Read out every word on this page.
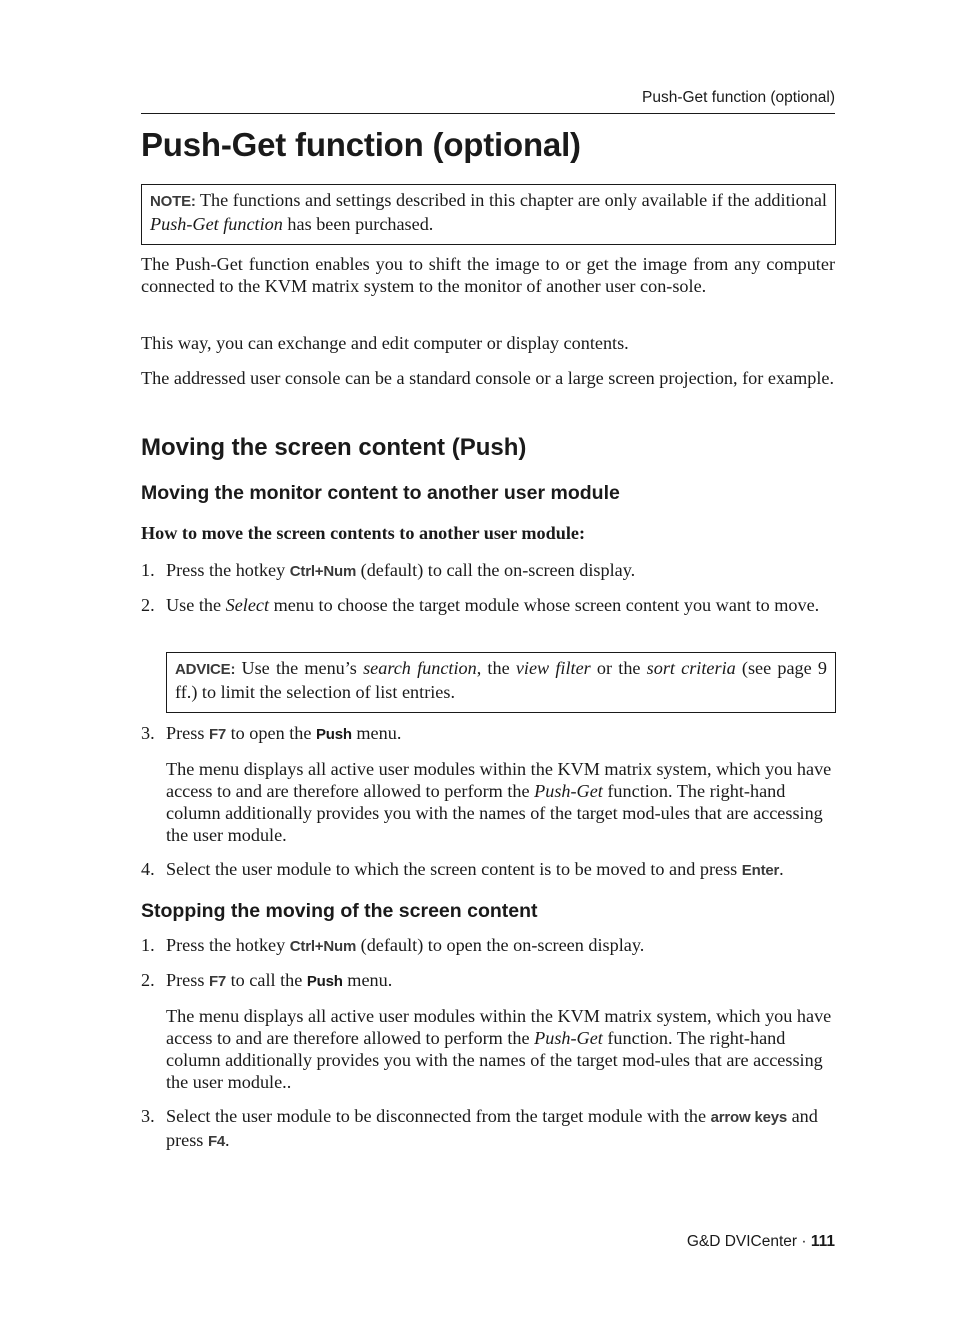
Push-Get function (optional)
Push-Get function (optional)
NOTE: The functions and settings described in this chapter are only available if the additional Push-Get function has been purchased.

The Push-Get function enables you to shift the image to or get the image from any computer connected to the KVM matrix system to the monitor of another user con-sole.

This way, you can exchange and edit computer or display contents.

The addressed user console can be a standard console or a large screen projection, for example.

Moving the screen content (Push)
Moving the monitor content to another user module

How to move the screen contents to another user module:

1. Press the hotkey Ctrl+Num (default) to call the on-screen display.
2. Use the Select menu to choose the target module whose screen content you want to move.
ADVICE: Use the menu’s search function, the view filter or the sort criteria (see page 9 ff.) to limit the selection of list entries.
3. Press F7 to open the Push menu.

The menu displays all active user modules within the KVM matrix system, which you have access to and are therefore allowed to perform the Push-Get function. The right-hand column additionally provides you with the names of the target mod-ules that are accessing the user module.

4. Select the user module to which the screen content is to be moved to and press Enter.
Stopping the moving of the screen content
1. Press the hotkey Ctrl+Num (default) to open the on-screen display.
2. Press F7 to call the Push menu.

The menu displays all active user modules within the KVM matrix system, which you have access to and are therefore allowed to perform the Push-Get function. The right-hand column additionally provides you with the names of the target mod-ules that are accessing the user module..

3. Select the user module to be disconnected from the target module with the arrow keys and press F4.
G&D DVICenter · 111
